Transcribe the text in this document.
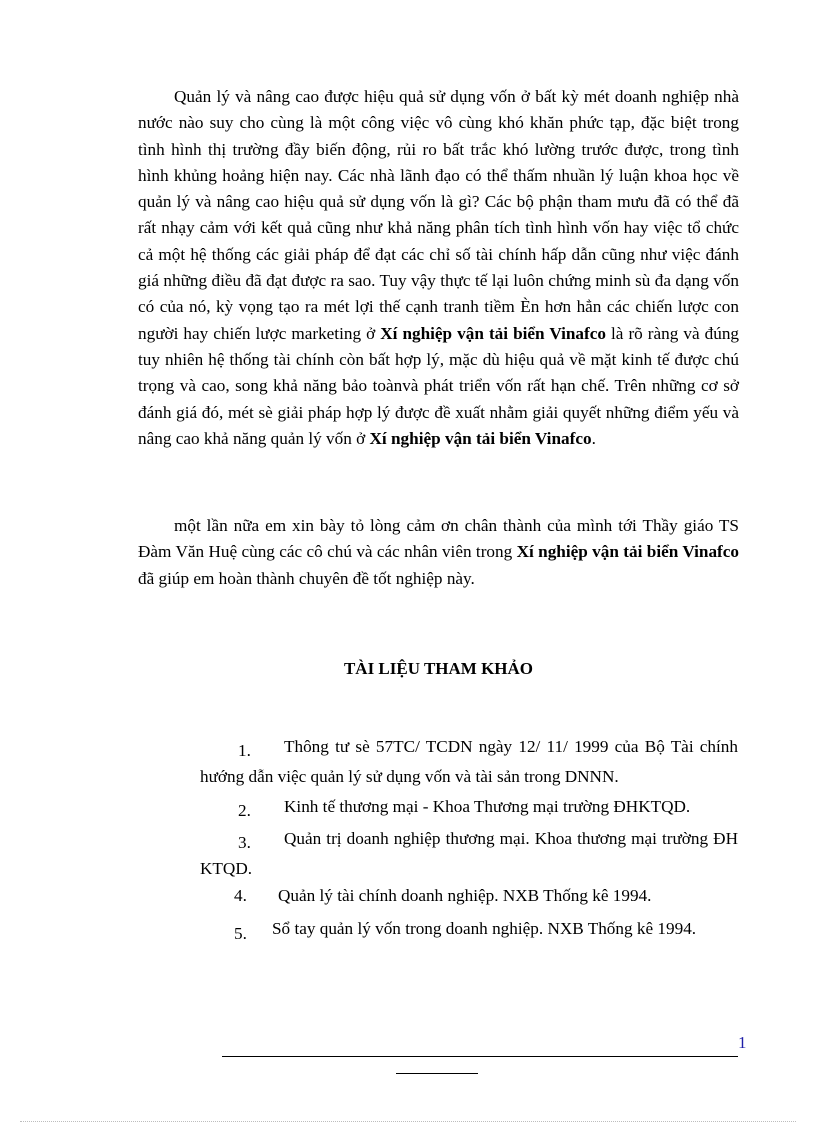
Quản lý và nâng cao được hiệu quả sử dụng vốn ở bất kỳ mét doanh nghiệp nhà nước nào suy cho cùng là một công việc vô cùng khó khăn phức tạp, đặc biệt trong tình hình thị trường đầy biến động, rủi ro bất trắc khó lường trước được, trong tình hình khủng hoảng hiện nay. Các nhà lãnh đạo có thể thấm nhuần lý luận khoa học về quản lý và nâng cao hiệu quả sử dụng vốn là gì? Các bộ phận tham mưu đã có thể đã rất nhạy cảm với kết quả cũng như khả năng phân tích tình hình vốn hay việc tổ chức cả một hệ thống các giải pháp để đạt các chỉ số tài chính hấp dẫn cũng như việc đánh giá những điều đã đạt được ra sao. Tuy vậy thực tế lại luôn chứng minh sù đa dạng vốn có của nó, kỳ vọng tạo ra mét lợi thế cạnh tranh tiềm Èn hơn hẳn các chiến lược con người hay chiến lược marketing ở Xí nghiệp vận tải biển Vinafco là rõ ràng và đúng tuy nhiên hệ thống tài chính còn bất hợp lý, mặc dù hiệu quả về mặt kinh tế được chú trọng và cao, song khả năng bảo toànvà phát triển vốn rất hạn chế. Trên những cơ sở đánh giá đó, mét sè giải pháp hợp lý được đề xuất nhằm giải quyết những điểm yếu và nâng cao khả năng quản lý vốn ở Xí nghiệp vận tải biển Vinafco.

một lần nữa em xin bày tỏ lòng cảm ơn chân thành của mình tới Thầy giáo TS Đàm Văn Huệ cùng các cô chú và các nhân viên trong Xí nghiệp vận tải biển Vinafco đã giúp em hoàn thành chuyên đề tốt nghiệp này.

TÀI LIỆU THAM KHẢO

1. Thông tư sè 57TC/ TCDN ngày 12/ 11/ 1999 của Bộ Tài chính hướng dẫn việc quản lý sử dụng vốn và tài sản trong DNNN.
2. Kinh tế thương mại - Khoa Thương mại trường ĐHKTQD.
3. Quản trị doanh nghiệp thương mại. Khoa thương mại trường ĐH KTQD.
4. Quản lý tài chính doanh nghiệp. NXB Thống kê 1994.
5. Sổ tay quản lý vốn trong doanh nghiệp. NXB Thống kê 1994.
1
